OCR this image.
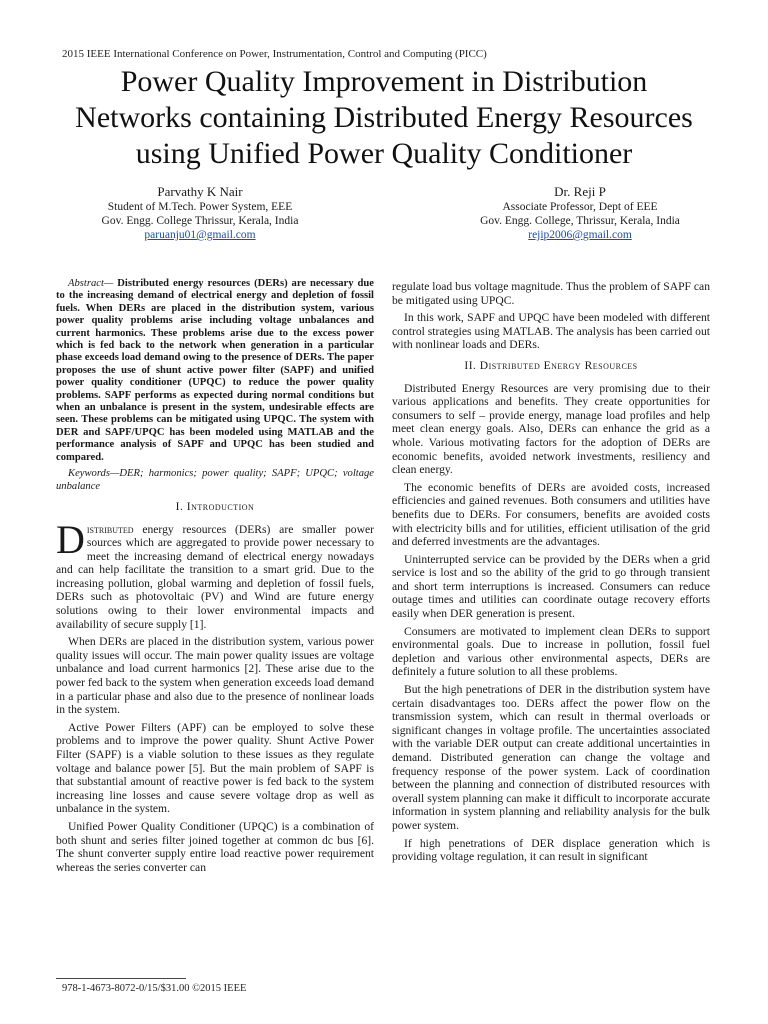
2015 IEEE International Conference on Power, Instrumentation, Control and Computing (PICC)
Power Quality Improvement in Distribution
Networks containing Distributed Energy Resources
using Unified Power Quality Conditioner
Parvathy K Nair
Student of M.Tech. Power System, EEE
Gov. Engg. College Thrissur, Kerala, India
paruanju01@gmail.com
Dr. Reji P
Associate Professor, Dept of EEE
Gov. Engg. College, Thrissur, Kerala, India
rejip2006@gmail.com

Abstract— Distributed energy resources (DERs) are necessary due to the increasing demand of electrical energy and depletion of fossil fuels. When DERs are placed in the distribution system, various power quality problems arise including voltage unbalances and current harmonics. These problems arise due to the excess power which is fed back to the network when generation in a particular phase exceeds load demand owing to the presence of DERs. The paper proposes the use of shunt active power filter (SAPF) and unified power quality conditioner (UPQC) to reduce the power quality problems. SAPF performs as expected during normal conditions but when an unbalance is present in the system, undesirable effects are seen. These problems can be mitigated using UPQC. The system with DER and SAPF/UPQC has been modeled using MATLAB and the performance analysis of SAPF and UPQC has been studied and compared.

Keywords—DER; harmonics; power quality; SAPF; UPQC; voltage unbalance

I. Introduction

Distributed energy resources (DERs) are smaller power sources which are aggregated to provide power necessary to meet the increasing demand of electrical energy nowadays and can help facilitate the transition to a smart grid. Due to the increasing pollution, global warming and depletion of fossil fuels, DERs such as photovoltaic (PV) and Wind are future energy solutions owing to their lower environmental impacts and availability of secure supply [1].

When DERs are placed in the distribution system, various power quality issues will occur. The main power quality issues are voltage unbalance and load current harmonics [2]. These arise due to the power fed back to the system when generation exceeds load demand in a particular phase and also due to the presence of nonlinear loads in the system.

Active Power Filters (APF) can be employed to solve these problems and to improve the power quality. Shunt Active Power Filter (SAPF) is a viable solution to these issues as they regulate voltage and balance power [5]. But the main problem of SAPF is that substantial amount of reactive power is fed back to the system increasing line losses and cause severe voltage drop as well as unbalance in the system.

Unified Power Quality Conditioner (UPQC) is a combination of both shunt and series filter joined together at common dc bus [6]. The shunt converter supply entire load reactive power requirement whereas the series converter can

regulate load bus voltage magnitude. Thus the problem of SAPF can be mitigated using UPQC.

In this work, SAPF and UPQC have been modeled with different control strategies using MATLAB. The analysis has been carried out with nonlinear loads and DERs.

II. Distributed Energy Resources

Distributed Energy Resources are very promising due to their various applications and benefits. They create opportunities for consumers to self – provide energy, manage load profiles and help meet clean energy goals. Also, DERs can enhance the grid as a whole. Various motivating factors for the adoption of DERs are economic benefits, avoided network investments, resiliency and clean energy.

The economic benefits of DERs are avoided costs, increased efficiencies and gained revenues. Both consumers and utilities have benefits due to DERs. For consumers, benefits are avoided costs with electricity bills and for utilities, efficient utilisation of the grid and deferred investments are the advantages.

Uninterrupted service can be provided by the DERs when a grid service is lost and so the ability of the grid to go through transient and short term interruptions is increased. Consumers can reduce outage times and utilities can coordinate outage recovery efforts easily when DER generation is present.

Consumers are motivated to implement clean DERs to support environmental goals. Due to increase in pollution, fossil fuel depletion and various other environmental aspects, DERs are definitely a future solution to all these problems.

But the high penetrations of DER in the distribution system have certain disadvantages too. DERs affect the power flow on the transmission system, which can result in thermal overloads or significant changes in voltage profile. The uncertainties associated with the variable DER output can create additional uncertainties in demand. Distributed generation can change the voltage and frequency response of the power system. Lack of coordination between the planning and connection of distributed resources with overall system planning can make it difficult to incorporate accurate information in system planning and reliability analysis for the bulk power system.

If high penetrations of DER displace generation which is providing voltage regulation, it can result in significant

978-1-4673-8072-0/15/$31.00 ©2015 IEEE
